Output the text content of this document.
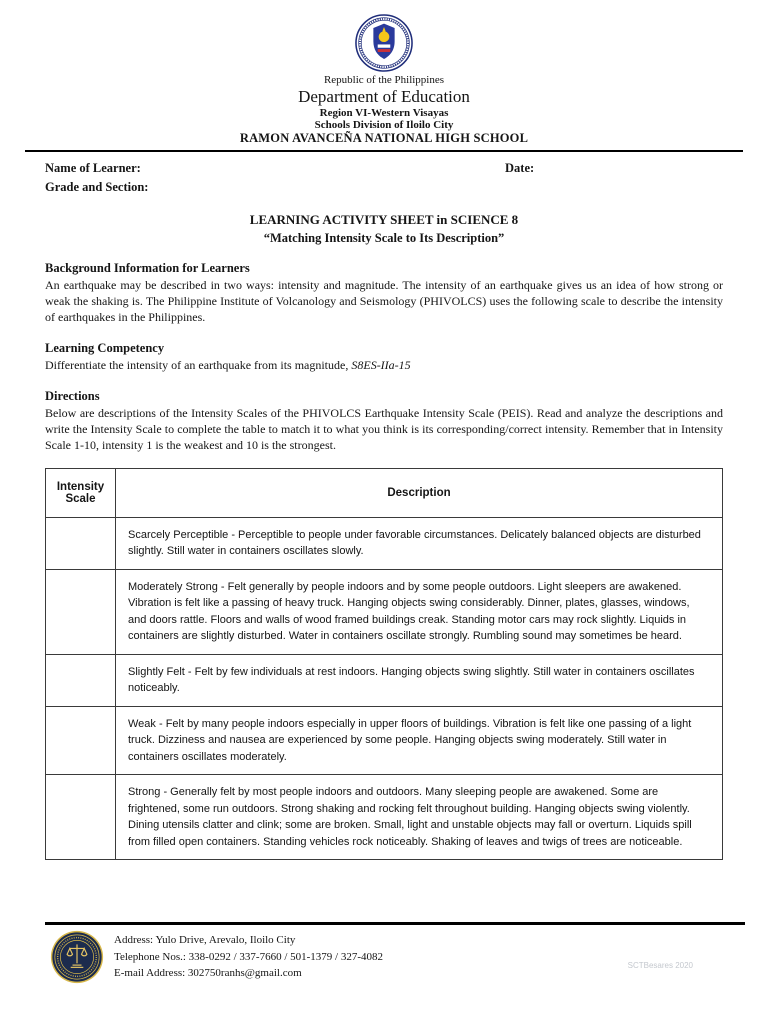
Republic of the Philippines
Department of Education
Region VI-Western Visayas
Schools Division of Iloilo City
RAMON AVANCEÑA NATIONAL HIGH SCHOOL
Name of Learner:	Date:
Grade and Section:
LEARNING ACTIVITY SHEET in SCIENCE 8
“Matching Intensity Scale to Its Description”
Background Information for Learners

An earthquake may be described in two ways: intensity and magnitude. The intensity of an earthquake gives us an idea of how strong or weak the shaking is. The Philippine Institute of Volcanology and Seismology (PHIVOLCS) uses the following scale to describe the intensity of earthquakes in the Philippines.

Learning Competency

Differentiate the intensity of an earthquake from its magnitude, S8ES-IIa-15

Directions

Below are descriptions of the Intensity Scales of the PHIVOLCS Earthquake Intensity Scale (PEIS). Read and analyze the descriptions and write the Intensity Scale to complete the table to match it to what you think is its corresponding/correct intensity. Remember that in Intensity Scale 1-10, intensity 1 is the weakest and 10 is the strongest.

Intensity Scale	Description
	Scarcely Perceptible - Perceptible to people under favorable circumstances. Delicately balanced objects are disturbed slightly. Still water in containers oscillates slowly.
	Moderately Strong - Felt generally by people indoors and by some people outdoors. Light sleepers are awakened. Vibration is felt like a passing of heavy truck. Hanging objects swing considerably. Dinner, plates, glasses, windows, and doors rattle. Floors and walls of wood framed buildings creak. Standing motor cars may rock slightly. Liquids in containers are slightly disturbed. Water in containers oscillate strongly. Rumbling sound may sometimes be heard.
	Slightly Felt - Felt by few individuals at rest indoors. Hanging objects swing slightly. Still water in containers oscillates noticeably.
	Weak - Felt by many people indoors especially in upper floors of buildings. Vibration is felt like one passing of a light truck. Dizziness and nausea are experienced by some people. Hanging objects swing moderately. Still water in containers oscillates moderately.
	Strong - Generally felt by most people indoors and outdoors. Many sleeping people are awakened. Some are frightened, some run outdoors. Strong shaking and rocking felt throughout building. Hanging objects swing violently. Dining utensils clatter and clink; some are broken. Small, light and unstable objects may fall or overturn. Liquids spill from filled open containers. Standing vehicles rock noticeably. Shaking of leaves and twigs of trees are noticeable.
Address: Yulo Drive, Arevalo, Iloilo City
Telephone Nos.: 338-0292 / 337-7660 / 501-1379 / 327-4082
E-mail Address: 302750ranhs@gmail.com
SCTBesares 2020
